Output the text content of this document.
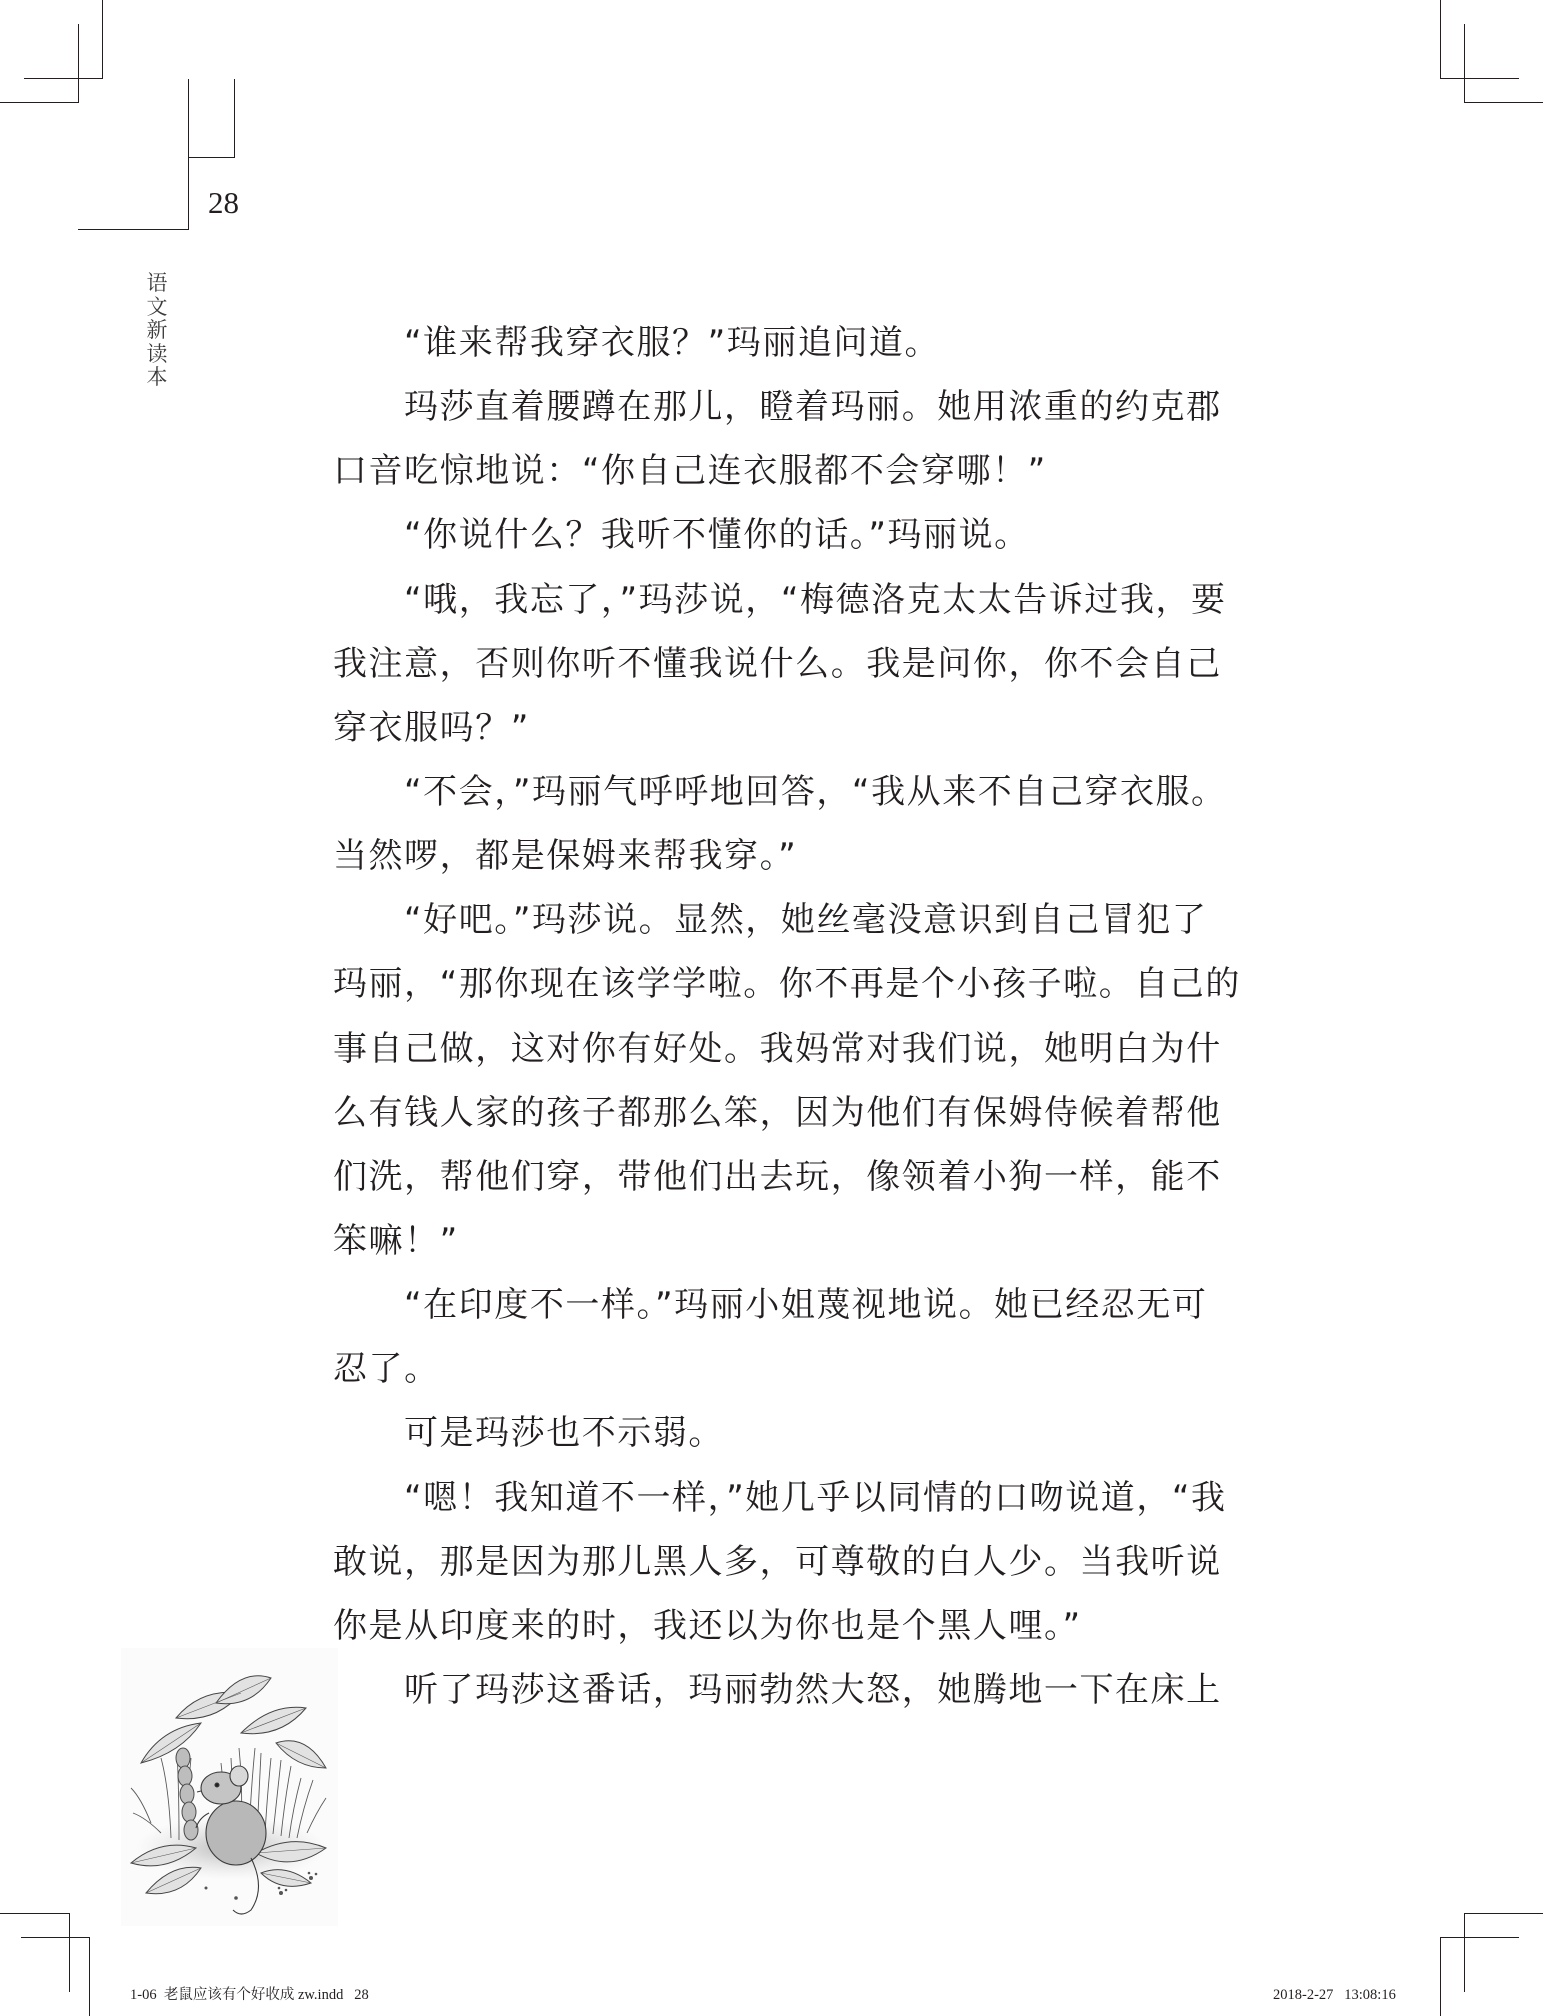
28
语
文
新
读
本
“谁来帮我穿衣服？”玛丽追问道。
玛莎直着腰蹲在那儿，瞪着玛丽。她用浓重的约克郡
口音吃惊地说：“你自己连衣服都不会穿哪！”
“你说什么？我听不懂你的话。”玛丽说。
“哦，我忘了，”玛莎说，“梅德洛克太太告诉过我，要
我注意，否则你听不懂我说什么。我是问你，你不会自己
穿衣服吗？”
“不会，”玛丽气呼呼地回答，“我从来不自己穿衣服。
当然啰，都是保姆来帮我穿。”
“好吧。”玛莎说。显然，她丝毫没意识到自己冒犯了
玛丽，“那你现在该学学啦。你不再是个小孩子啦。自己的
事自己做，这对你有好处。我妈常对我们说，她明白为什
么有钱人家的孩子都那么笨，因为他们有保姆侍候着帮他
们洗，帮他们穿，带他们出去玩，像领着小狗一样，能不
笨嘛！”
“在印度不一样。”玛丽小姐蔑视地说。她已经忍无可
忍了。
可是玛莎也不示弱。
“嗯！我知道不一样，”她几乎以同情的口吻说道，“我
敢说，那是因为那儿黑人多，可尊敬的白人少。当我听说
你是从印度来的时，我还以为你也是个黑人哩。”
听了玛莎这番话，玛丽勃然大怒，她腾地一下在床上
1-06  老鼠应该有个好收成 zw.indd   28	2018-2-27   13:08:16
